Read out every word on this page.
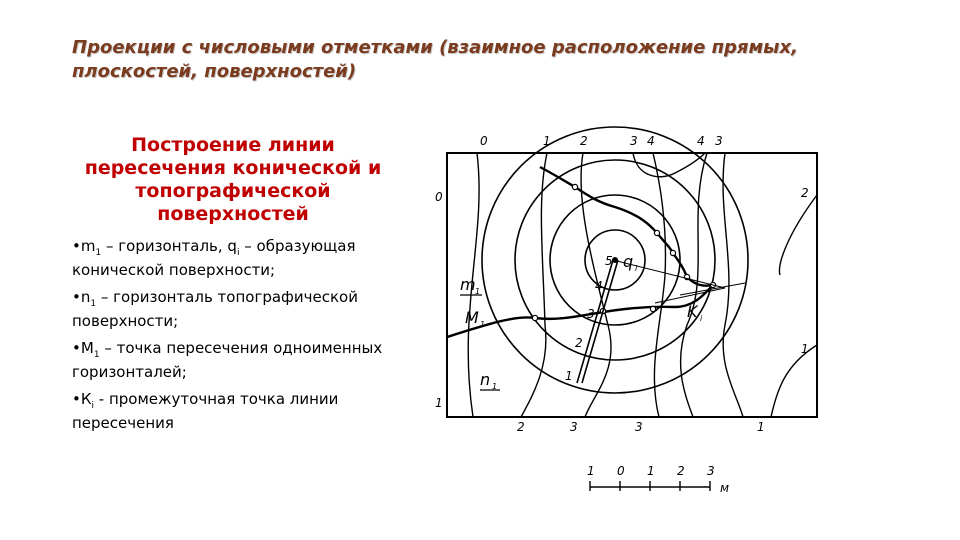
Проекции с числовыми отметками (взаимное расположение прямых, плоскостей, поверхностей)
Построение линии пересечения конической и топографической поверхностей
$•m_1$ – горизонталь, $q_i$ – образующая конической поверхности;
$•n_1$ – горизонталь топографической поверхности;
$•М_1$ – точка пересечения одноименных горизонталей;
$•К_i$ - промежуточная точка линии пересечения
0	1 2	3 4	4 3
0
1
2
1
2	3	3	1
5
4
3
2
1
q i
m 1
M 1
n 1
K i
1 0 1 2 3
м
